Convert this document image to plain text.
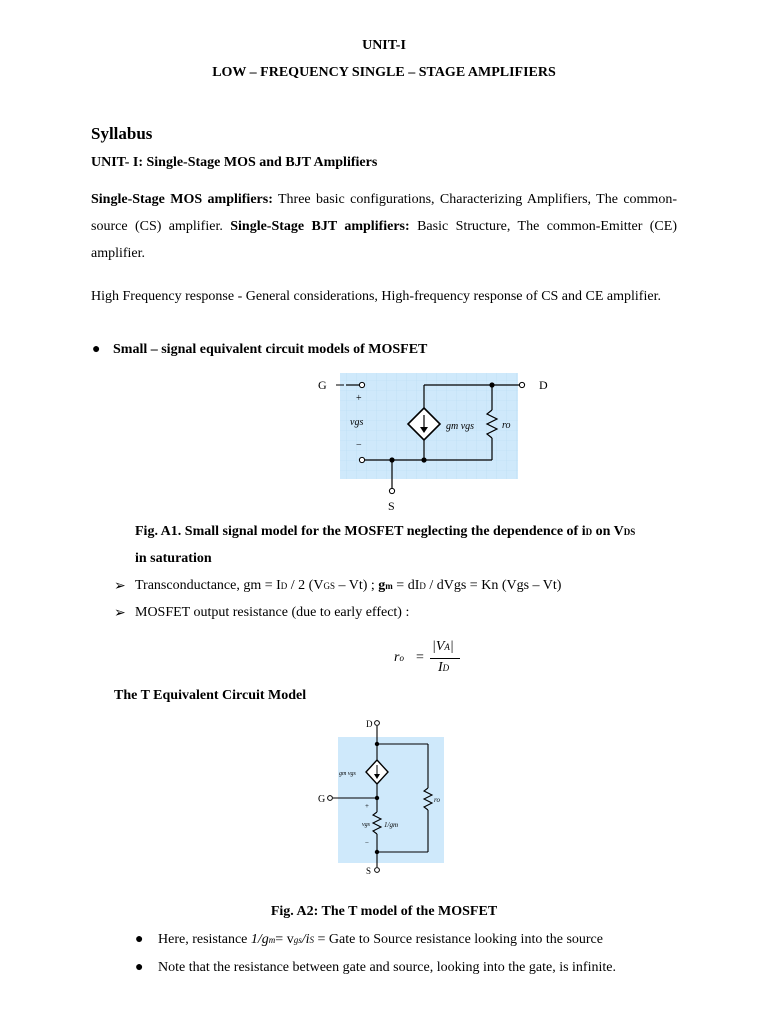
UNIT-I
LOW – FREQUENCY SINGLE – STAGE AMPLIFIERS
Syllabus
UNIT- I: Single-Stage MOS and BJT Amplifiers
Single-Stage MOS amplifiers: Three basic configurations, Characterizing Amplifiers, The common-source (CS) amplifier. Single-Stage BJT amplifiers: Basic Structure, The common-Emitter (CE) amplifier.
High Frequency response - General considerations, High-frequency response of CS and CE amplifier.
● Small – signal equivalent circuit models of MOSFET
G	D
S
+
−
vgs	gm vgs	ro
Fig. A1. Small signal model for the MOSFET neglecting the dependence of iD on VDS
in saturation
➢ Transconductance, gm = ID / 2 (VGS – Vt) ; gm = dID / dVgs = Kn (Vgs – Vt)
➢ MOSFET output resistance (due to early effect) :
ro =
|VA|
ID
The T Equivalent Circuit Model
D
G
S
gm vgs
ro
vgs 1/gm
+
−
Fig. A2: The T model of the MOSFET
● Here, resistance 1/gm= vgs/iS = Gate to Source resistance looking into the source
● Note that the resistance between gate and source, looking into the gate, is infinite.
